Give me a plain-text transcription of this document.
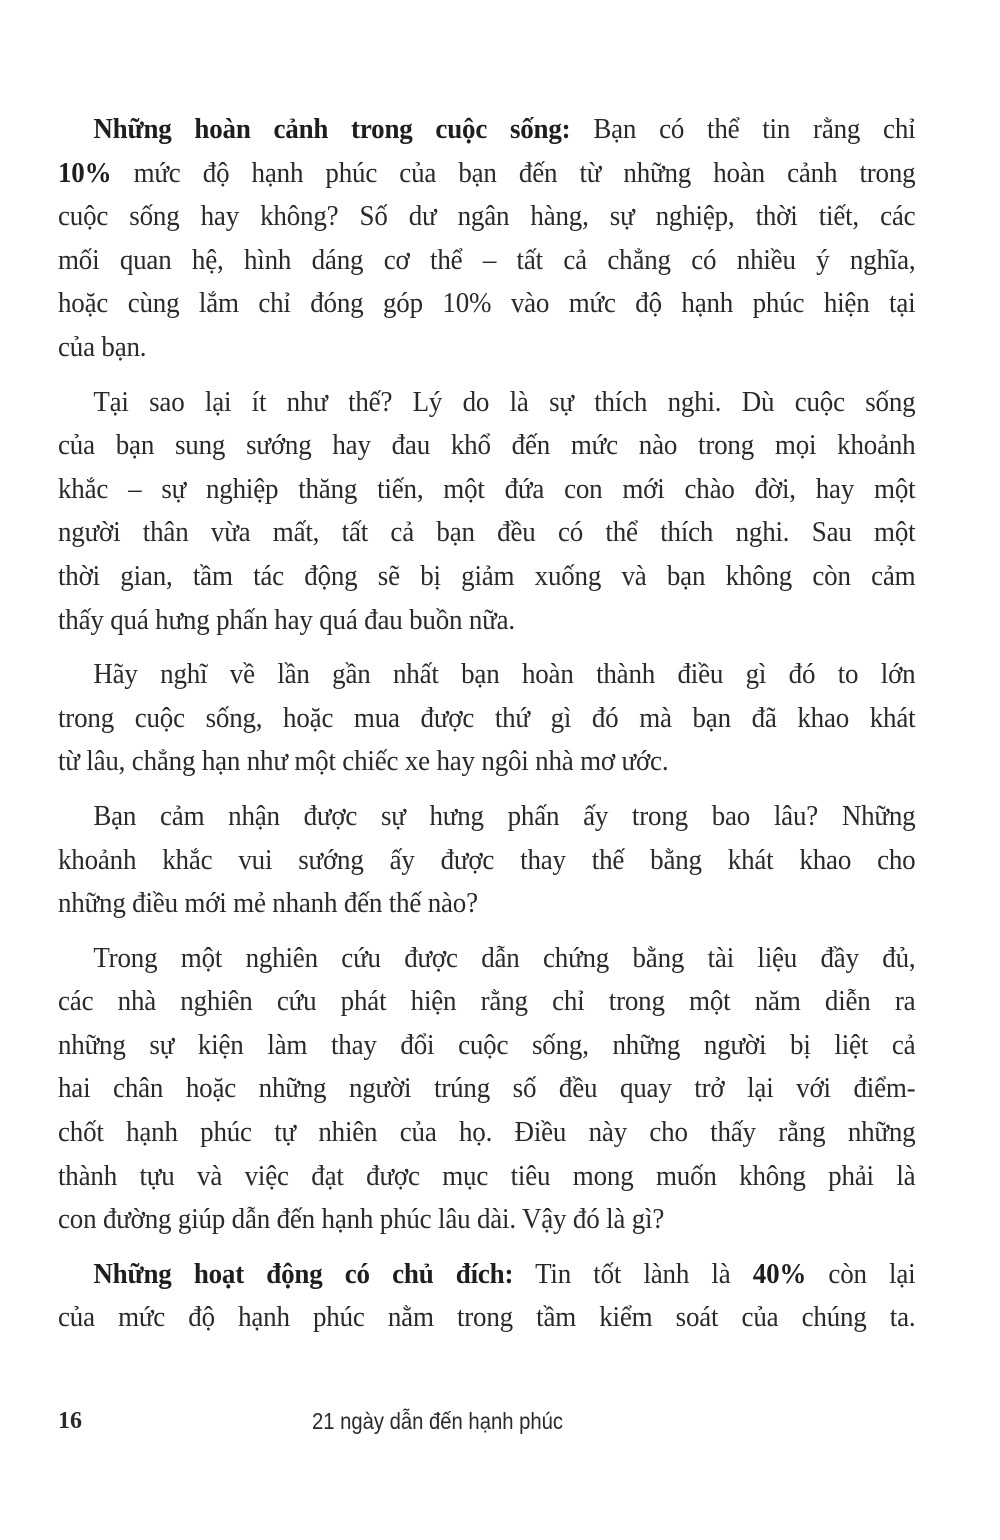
Những hoàn cảnh trong cuộc sống: Bạn có thể tin rằng chỉ
10% mức độ hạnh phúc của bạn đến từ những hoàn cảnh trong
cuộc sống hay không? Số dư ngân hàng, sự nghiệp, thời tiết, các
mối quan hệ, hình dáng cơ thể – tất cả chẳng có nhiều ý nghĩa,
hoặc cùng lắm chỉ đóng góp 10% vào mức độ hạnh phúc hiện tại
của bạn.
Tại sao lại ít như thế? Lý do là sự thích nghi. Dù cuộc sống
của bạn sung sướng hay đau khổ đến mức nào trong mọi khoảnh
khắc – sự nghiệp thăng tiến, một đứa con mới chào đời, hay một
người thân vừa mất, tất cả bạn đều có thể thích nghi. Sau một
thời gian, tầm tác động sẽ bị giảm xuống và bạn không còn cảm
thấy quá hưng phấn hay quá đau buồn nữa.
Hãy nghĩ về lần gần nhất bạn hoàn thành điều gì đó to lớn
trong cuộc sống, hoặc mua được thứ gì đó mà bạn đã khao khát
từ lâu, chẳng hạn như một chiếc xe hay ngôi nhà mơ ước.
Bạn cảm nhận được sự hưng phấn ấy trong bao lâu? Những
khoảnh khắc vui sướng ấy được thay thế bằng khát khao cho
những điều mới mẻ nhanh đến thế nào?
Trong một nghiên cứu được dẫn chứng bằng tài liệu đầy đủ,
các nhà nghiên cứu phát hiện rằng chỉ trong một năm diễn ra
những sự kiện làm thay đổi cuộc sống, những người bị liệt cả
hai chân hoặc những người trúng số đều quay trở lại với điểm-
chốt hạnh phúc tự nhiên của họ. Điều này cho thấy rằng những
thành tựu và việc đạt được mục tiêu mong muốn không phải là
con đường giúp dẫn đến hạnh phúc lâu dài. Vậy đó là gì?
Những hoạt động có chủ đích: Tin tốt lành là 40% còn lại
của mức độ hạnh phúc nằm trong tầm kiểm soát của chúng ta.
16	21 ngày dẫn đến hạnh phúc
